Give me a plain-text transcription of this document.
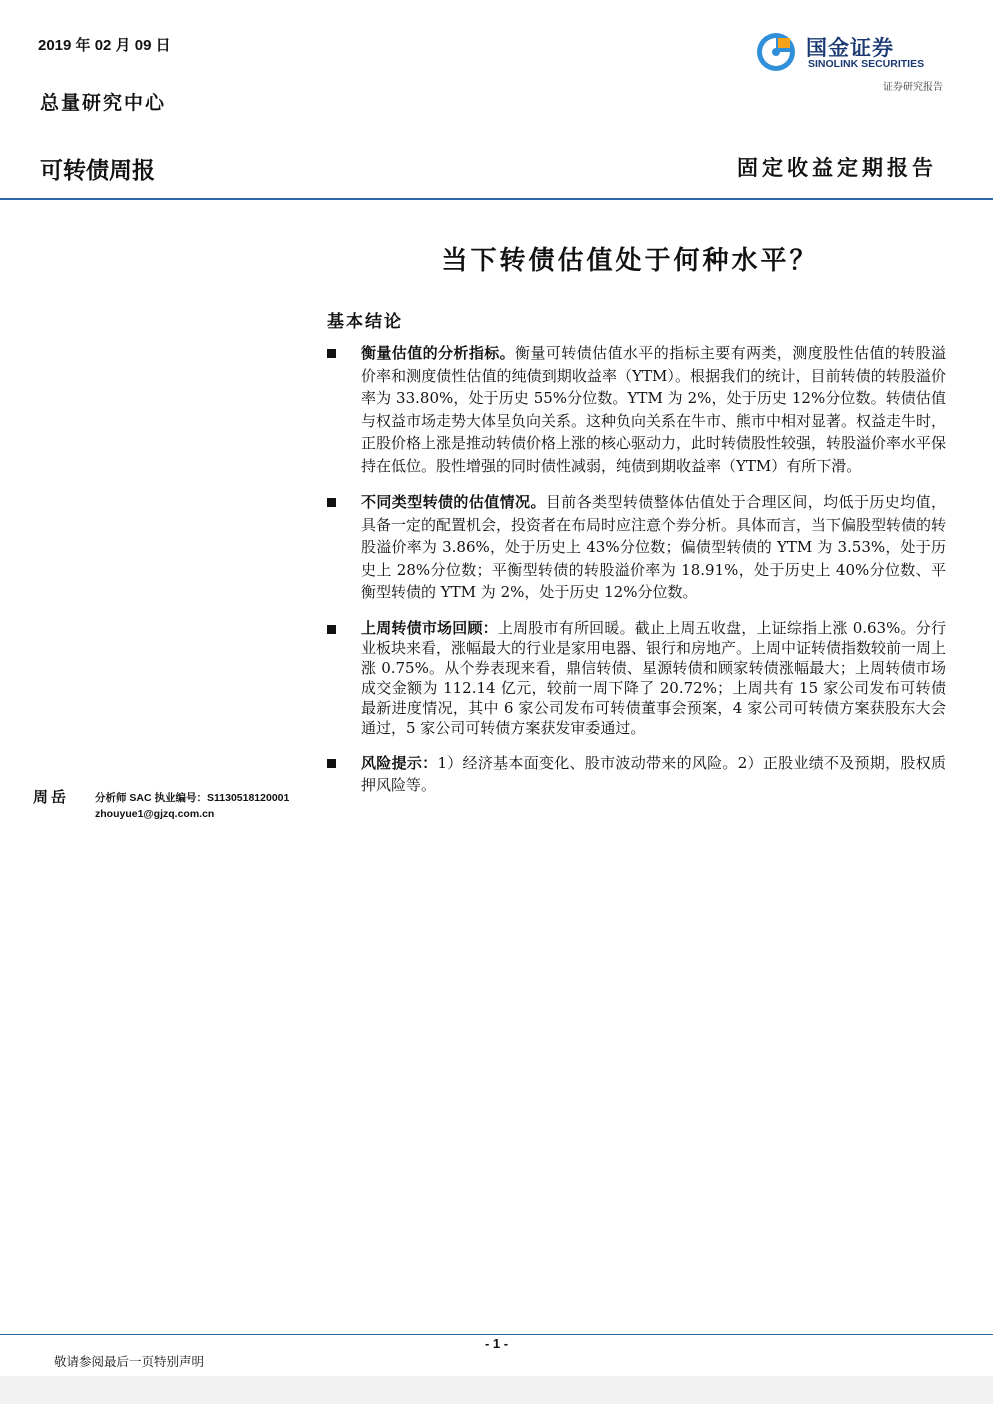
2019 年 02 月 09 日
总量研究中心
国金证券
SINOLINK SECURITIES
证券研究报告
可转债周报	固定收益定期报告
当下转债估值处于何种水平？
基本结论
衡量估值的分析指标。衡量可转债估值水平的指标主要有两类，测度股性估值的转股溢价率和测度债性估值的纯债到期收益率（YTM）。根据我们的统计，目前转债的转股溢价率为 33.80%，处于历史 55%分位数。YTM 为 2%，处于历史 12%分位数。转债估值与权益市场走势大体呈负向关系。这种负向关系在牛市、熊市中相对显著。权益走牛时，正股价格上涨是推动转债价格上涨的核心驱动力，此时转债股性较强，转股溢价率水平保持在低位。股性增强的同时债性减弱，纯债到期收益率（YTM）有所下滑。
不同类型转债的估值情况。目前各类型转债整体估值处于合理区间，均低于历史均值，具备一定的配置机会，投资者在布局时应注意个券分析。具体而言，当下偏股型转债的转股溢价率为 3.86%，处于历史上 43%分位数；偏债型转债的 YTM 为 3.53%，处于历史上 28%分位数；平衡型转债的转股溢价率为 18.91%，处于历史上 40%分位数、平衡型转债的 YTM 为 2%，处于历史 12%分位数。
上周转债市场回顾：上周股市有所回暖。截止上周五收盘，上证综指上涨 0.63%。分行业板块来看，涨幅最大的行业是家用电器、银行和房地产。上周中证转债指数较前一周上涨 0.75%。从个券表现来看，鼎信转债、星源转债和顾家转债涨幅最大；上周转债市场成交金额为 112.14 亿元，较前一周下降了 20.72%；上周共有 15 家公司发布可转债最新进度情况，其中 6 家公司发布可转债董事会预案，4 家公司可转债方案获股东大会通过，5 家公司可转债方案获发审委通过。
风险提示：1）经济基本面变化、股市波动带来的风险。2）正股业绩不及预期，股权质押风险等。
周岳 分析师 SAC 执业编号：S1130518120001
zhouyue1@gjzq.com.cn
- 1 -
敬请参阅最后一页特别声明
